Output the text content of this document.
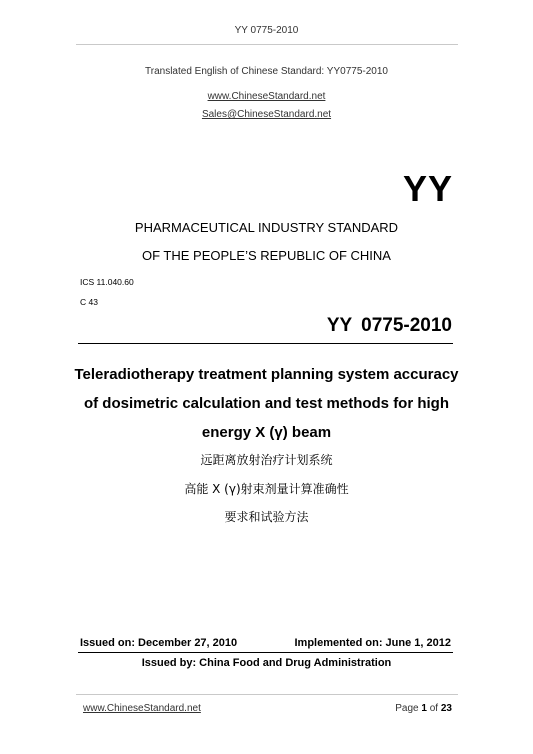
YY 0775-2010
Translated English of Chinese Standard: YY0775-2010
www.ChineseStandard.net
Sales@ChineseStandard.net
YY
PHARMACEUTICAL INDUSTRY STANDARD
OF THE PEOPLE’S REPUBLIC OF CHINA
ICS 11.040.60
C 43
YY 0775-2010
Teleradiotherapy treatment planning system accuracy
of dosimetric calculation and test methods for high
energy X (γ) beam
远距离放射治疗计划系统
高能 X (γ)射束剂量计算准确性
要求和试验方法
Issued on: December 27, 2010	Implemented on: June 1, 2012
Issued by: China Food and Drug Administration
www.ChineseStandard.net	Page 1 of 23
